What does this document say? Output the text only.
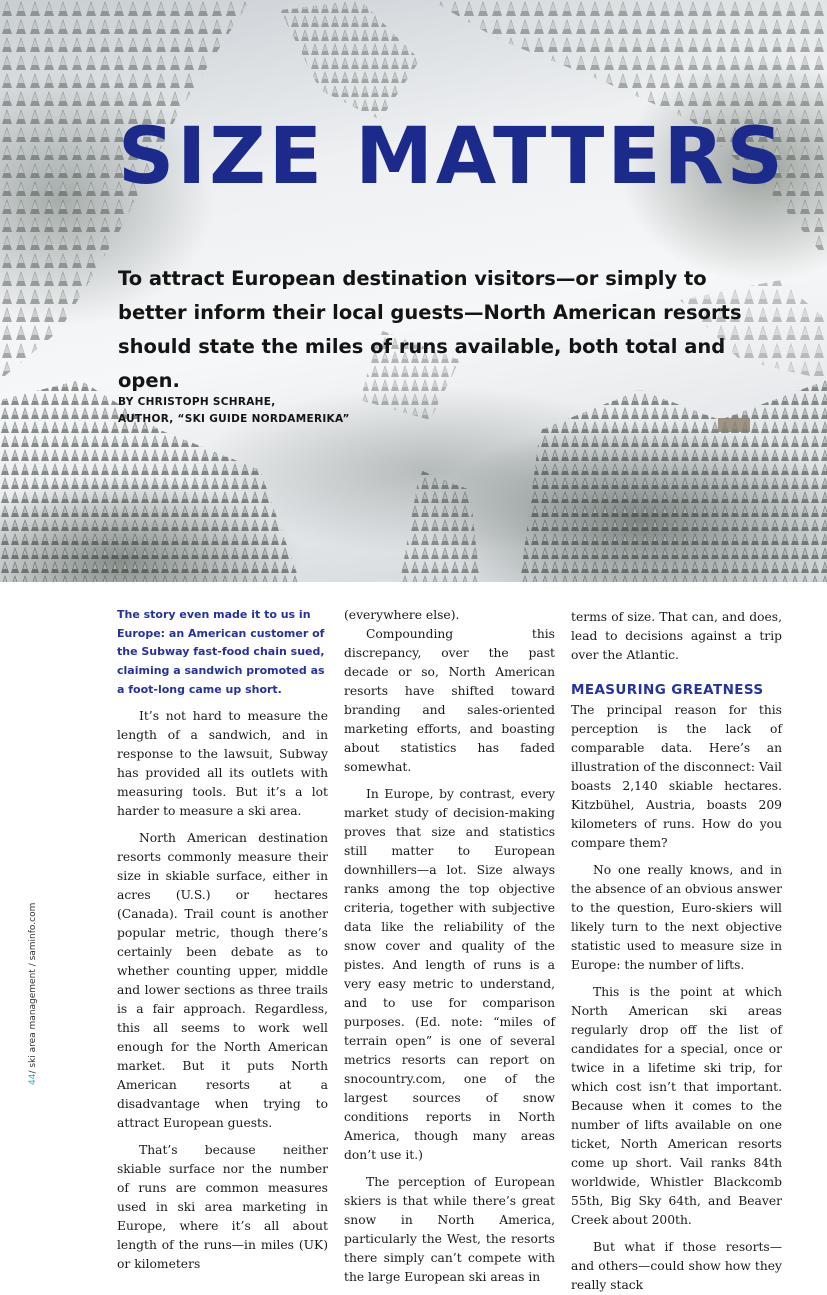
SIZE MATTERS

To attract European destination visitors—or simply to better inform their local guests—North American resorts should state the miles of runs available, both total and open.

BY CHRISTOPH SCHRAHE,
AUTHOR, “SKI GUIDE NORDAMERIKA”

The story even made it to us in Europe: an American customer of the Subway fast-food chain sued, claiming a sandwich promoted as a foot-long came up short.

It’s not hard to measure the length of a sandwich, and in response to the lawsuit, Subway has provided all its outlets with measuring tools. But it’s a lot harder to measure a ski area.

North American destination resorts commonly measure their size in skiable surface, either in acres (U.S.) or hectares (Canada). Trail count is another popular metric, though there’s certainly been debate as to whether counting upper, middle and lower sections as three trails is a fair approach. Regardless, this all seems to work well enough for the North American market. But it puts North American resorts at a disadvantage when trying to attract European guests.

That’s because neither skiable surface nor the number of runs are common measures used in ski area marketing in Europe, where it’s all about length of the runs—in miles (UK) or kilometers

(everywhere else).

Compounding this discrepancy, over the past decade or so, North American resorts have shifted toward branding and sales-oriented marketing efforts, and boasting about statistics has faded somewhat.

In Europe, by contrast, every market study of decision-making proves that size and statistics still matter to European downhillers—a lot. Size always ranks among the top objective criteria, together with subjective data like the reliability of the snow cover and quality of the pistes. And length of runs is a very easy metric to understand, and to use for comparison purposes. (Ed. note: “miles of terrain open” is one of several metrics resorts can report on snocountry.com, one of the largest sources of snow conditions reports in North America, though many areas don’t use it.)

The perception of European skiers is that while there’s great snow in North America, particularly the West, the resorts there simply can’t compete with the large European ski areas in

terms of size. That can, and does, lead to decisions against a trip over the Atlantic.

MEASURING GREATNESS

The principal reason for this perception is the lack of comparable data. Here’s an illustration of the disconnect: Vail boasts 2,140 skiable hectares. Kitzbühel, Austria, boasts 209 kilometers of runs. How do you compare them?

No one really knows, and in the absence of an obvious answer to the question, Euro-skiers will likely turn to the next objective statistic used to measure size in Europe: the number of lifts.

This is the point at which North American ski areas regularly drop off the list of candidates for a special, once or twice in a lifetime ski trip, for which cost isn’t that important. Because when it comes to the number of lifts available on one ticket, North American resorts come up short. Vail ranks 84th worldwide, Whistler Blackcomb 55th, Big Sky 64th, and Beaver Creek about 200th.

But what if those resorts—and others—could show how they really stack

44/ ski area management / saminfo.com
